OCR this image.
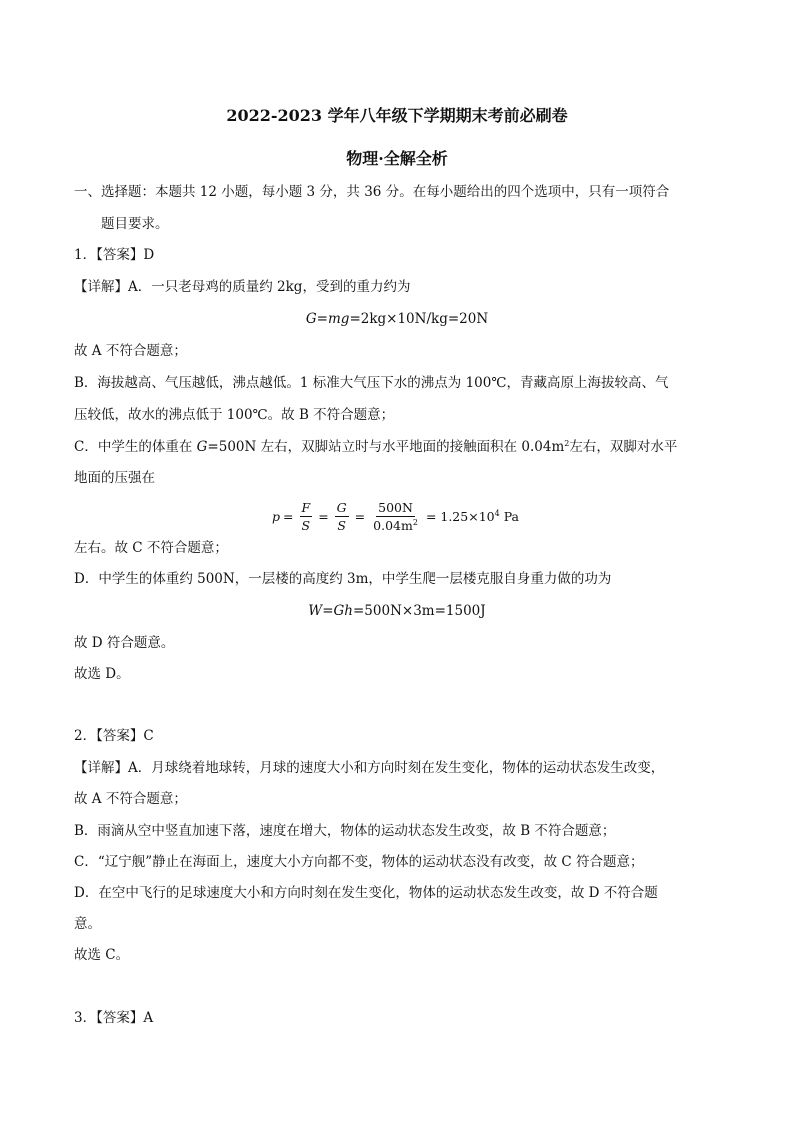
2022-2023 学年八年级下学期期末考前必刷卷
物理·全解全析
一、选择题：本题共 12 小题，每小题 3 分，共 36 分。在每小题给出的四个选项中，只有一项符合
题目要求。
1．【答案】D
【详解】A．一只老母鸡的质量约 2kg，受到的重力约为
G=mg=2kg×10N/kg=20N
故 A 不符合题意；
B．海拔越高、气压越低，沸点越低。1 标准大气压下水的沸点为 100℃，青藏高原上海拔较高、气
压较低，故水的沸点低于 100℃。故 B 不符合题意；
C．中学生的体重在 G=500N 左右，双脚站立时与水平地面的接触面积在 $0.04m^2$左右，双脚对水平
地面的压强在
$p = \frac{F}{S} = \frac{G}{S} = \frac{500N}{0.04m^2} = 1.25\times 10^4$ Pa
左右。故 C 不符合题意；
D．中学生的体重约 500N，一层楼的高度约 3m，中学生爬一层楼克服自身重力做的功为
W=Gh=500N×3m=1500J
故 D 符合题意。
故选 D。
2．【答案】C
【详解】A．月球绕着地球转，月球的速度大小和方向时刻在发生变化，物体的运动状态发生改变，
故 A 不符合题意；
B．雨滴从空中竖直加速下落，速度在增大，物体的运动状态发生改变，故 B 不符合题意；
C．“辽宁舰”静止在海面上，速度大小方向都不变，物体的运动状态没有改变，故 C 符合题意；
D．在空中飞行的足球速度大小和方向时刻在发生变化，物体的运动状态发生改变，故 D 不符合题
意。
故选 C。
3．【答案】A
